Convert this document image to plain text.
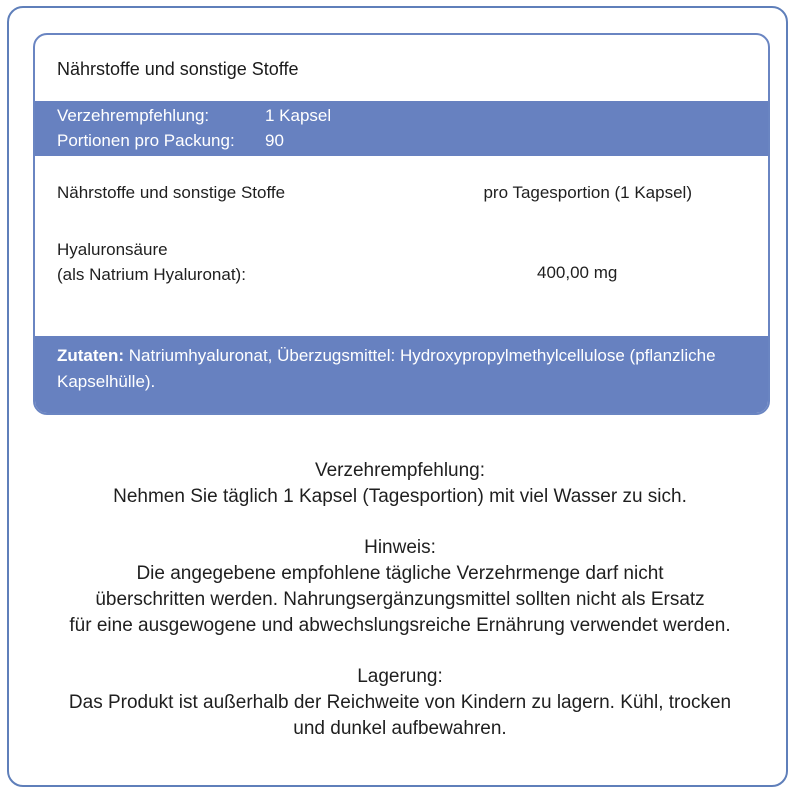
Nährstoffe und sonstige Stoffe
Verzehrempfehlung:	1 Kapsel
Portionen pro Packung: 90
Nährstoffe und sonstige Stoffe	pro Tagesportion (1 Kapsel)
Hyaluronsäure
(als Natrium Hyaluronat):	400,00 mg
Zutaten: Natriumhyaluronat, Überzugsmittel: Hydroxypropylmethylcellulose (pflanzliche Kapselhülle).
Verzehrempfehlung:
Nehmen Sie täglich 1 Kapsel (Tagesportion) mit viel Wasser zu sich.
Hinweis:
Die angegebene empfohlene tägliche Verzehrmenge darf nicht
überschritten werden. Nahrungsergänzungsmittel sollten nicht als Ersatz
für eine ausgewogene und abwechslungsreiche Ernährung verwendet werden.
Lagerung:
Das Produkt ist außerhalb der Reichweite von Kindern zu lagern. Kühl, trocken
und dunkel aufbewahren.
